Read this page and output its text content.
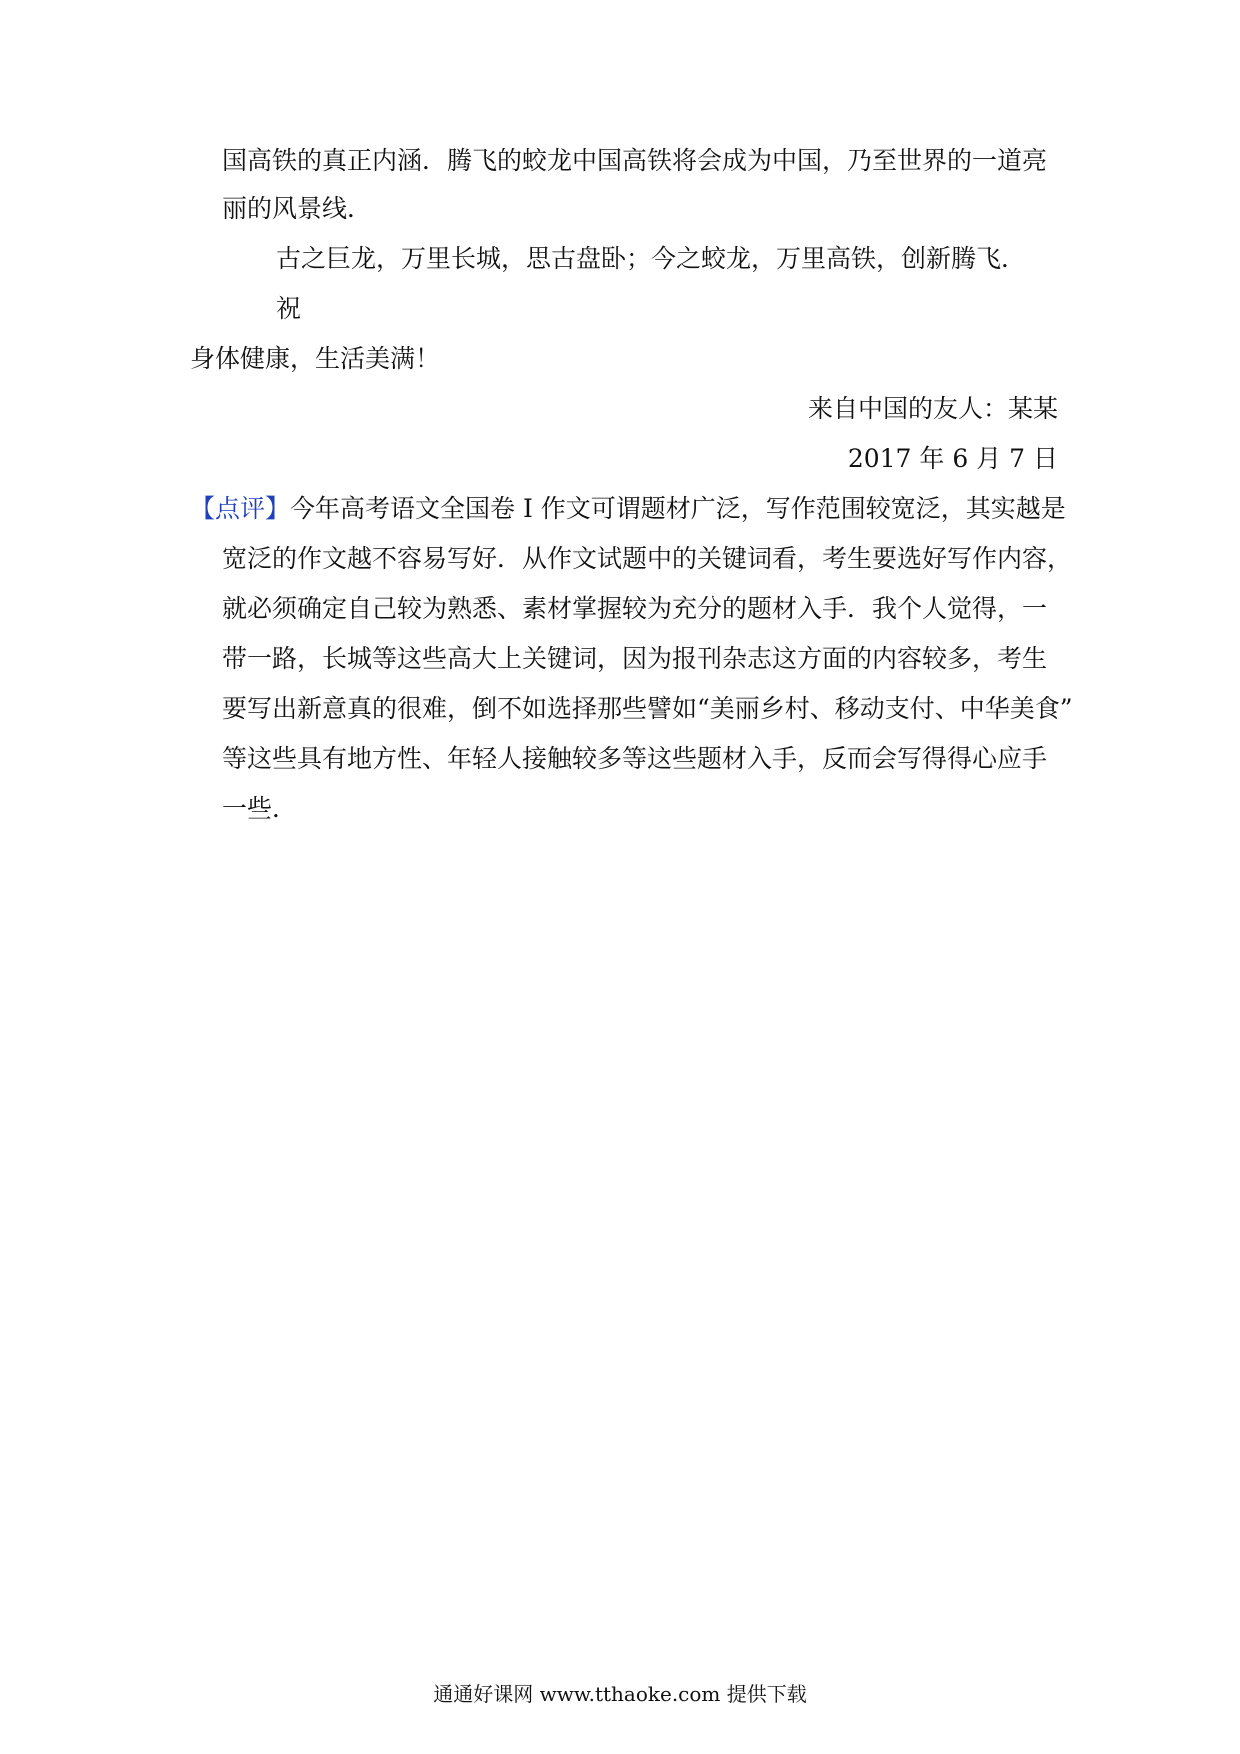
国高铁的真正内涵．腾飞的蛟龙中国高铁将会成为中国，乃至世界的一道亮
丽的风景线．
古之巨龙，万里长城，思古盘卧；今之蛟龙，万里高铁，创新腾飞．
祝
身体健康，生活美满！
来自中国的友人：某某
2017 年 6 月 7 日
【点评】今年高考语文全国卷 I 作文可谓题材广泛，写作范围较宽泛，其实越是
宽泛的作文越不容易写好．从作文试题中的关键词看，考生要选好写作内容，
就必须确定自己较为熟悉、素材掌握较为充分的题材入手．我个人觉得，一
带一路，长城等这些高大上关键词，因为报刊杂志这方面的内容较多，考生
要写出新意真的很难，倒不如选择那些譬如“美丽乡村、移动支付、中华美食”
等这些具有地方性、年轻人接触较多等这些题材入手，反而会写得得心应手
一些．
通通好课网 www.tthaoke.com 提供下载
